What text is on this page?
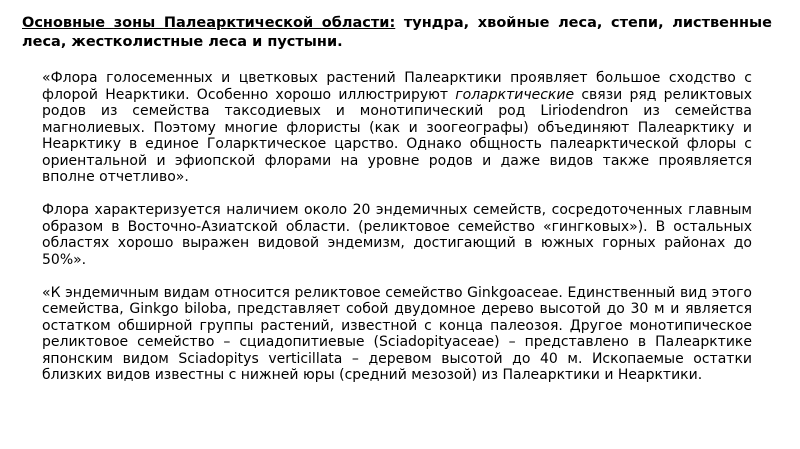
Основные зоны Палеарктической области: тундра, хвойные леса, степи, лиственные леса, жестколистные леса и пустыни.

«Флора голосеменных и цветковых растений Палеарктики проявляет большое сходство с флорой Неарктики. Особенно хорошо иллюстрируют голарктические связи ряд реликтовых родов из семейства таксодиевых и монотипический род Liriodendron из семейства магнолиевых. Поэтому многие флористы (как и зоогеографы) объединяют Палеарктику и Неарктику в единое Голарктическое царство. Однако общность палеарктической флоры с ориентальной и эфиопской флорами на уровне родов и даже видов также проявляется вполне отчетливо».

Флора характеризуется наличием около 20 эндемичных семейств, сосредоточенных главным образом в Восточно-Азиатской области. (реликтовое семейство «гингковых»). В остальных областях хорошо выражен видовой эндемизм, достигающий в южных горных районах до 50%».

«К эндемичным видам относится реликтовое семейство Ginkgoaceae. Единственный вид этого семейства, Ginkgo biloba, представляет собой двудомное дерево высотой до 30 м и является остатком обширной группы растений, известной с конца палеозоя. Другое монотипическое реликтовое семейство – сциадопитиевые (Sciadopityaceae) – представлено в Палеарктике японским видом Sciadopitys verticillata – деревом высотой до 40 м. Ископаемые остатки близких видов известны с нижней юры (средний мезозой) из Палеарктики и Неарктики.
